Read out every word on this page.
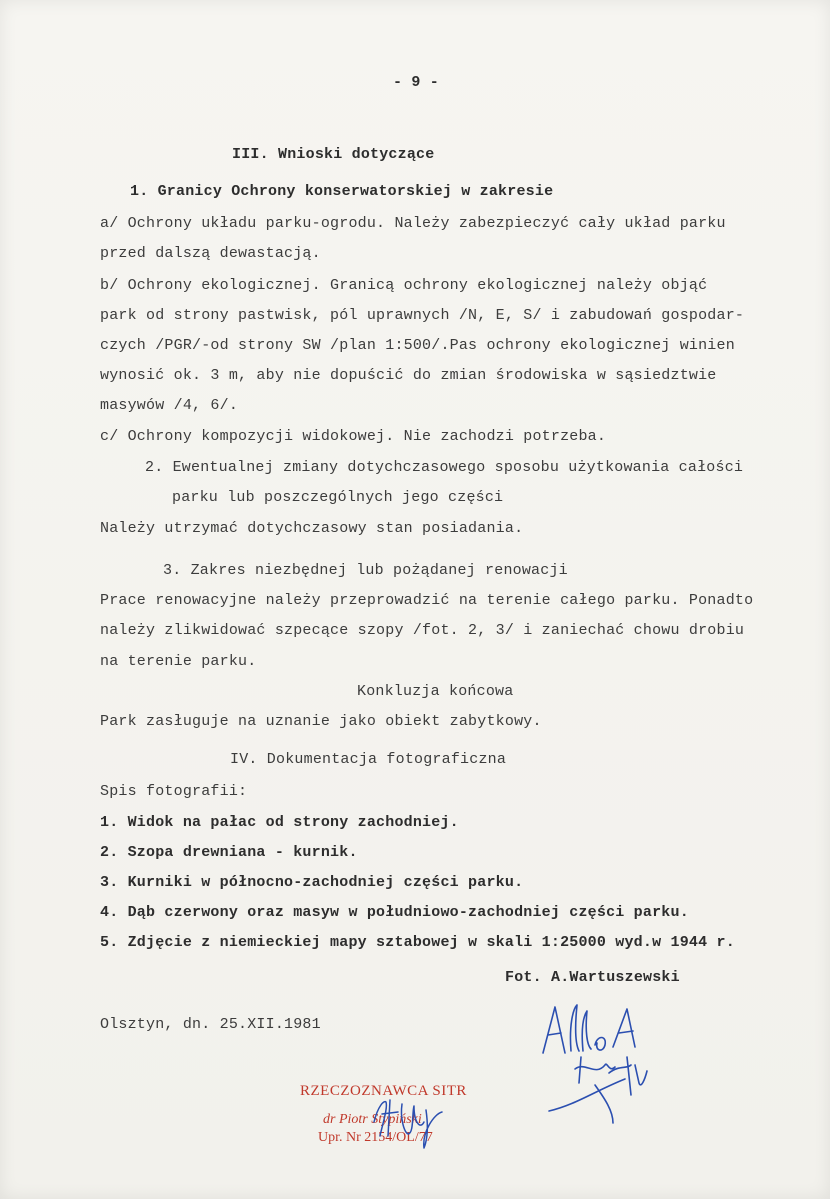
- 9 -
III. Wnioski dotyczące
1. Granicy Ochrony konserwatorskiej w zakresie
a/ Ochrony układu parku-ogrodu. Należy zabezpieczyć cały układ parku
przed dalszą dewastacją.
b/ Ochrony ekologicznej. Granicą ochrony ekologicznej należy objąć
park od strony pastwisk, pól uprawnych /N, E, S/ i zabudowań gospodar-
czych /PGR/-od strony SW /plan 1:500/.Pas ochrony ekologicznej winien
wynosić ok. 3 m, aby nie dopuścić do zmian środowiska w sąsiedztwie
masywów /4, 6/.
c/ Ochrony kompozycji widokowej. Nie zachodzi potrzeba.
2. Ewentualnej zmiany dotychczasowego sposobu użytkowania całości
parku lub poszczególnych jego części
Należy utrzymać dotychczasowy stan posiadania.
3. Zakres niezbędnej lub pożądanej renowacji
Prace renowacyjne należy przeprowadzić na terenie całego parku. Ponadto
należy zlikwidować szpecące szopy /fot. 2, 3/ i zaniechać chowu drobiu
na terenie parku.
Konkluzja końcowa
Park zasługuje na uznanie jako obiekt zabytkowy.
IV. Dokumentacja fotograficzna
Spis fotografii:
1. Widok na pałac od strony zachodniej.
2. Szopa drewniana - kurnik.
3. Kurniki w północno-zachodniej części parku.
4. Dąb czerwony oraz masyw w południowo-zachodniej części parku.
5. Zdjęcie z niemieckiej mapy sztabowej w skali 1:25000 wyd.w 1944 r.
Fot. A.Wartuszewski
Olsztyn, dn. 25.XII.1981
RZECZOZNAWCA SITR
dr Piotr Stypiński
Upr. Nr 2154/OL/77
